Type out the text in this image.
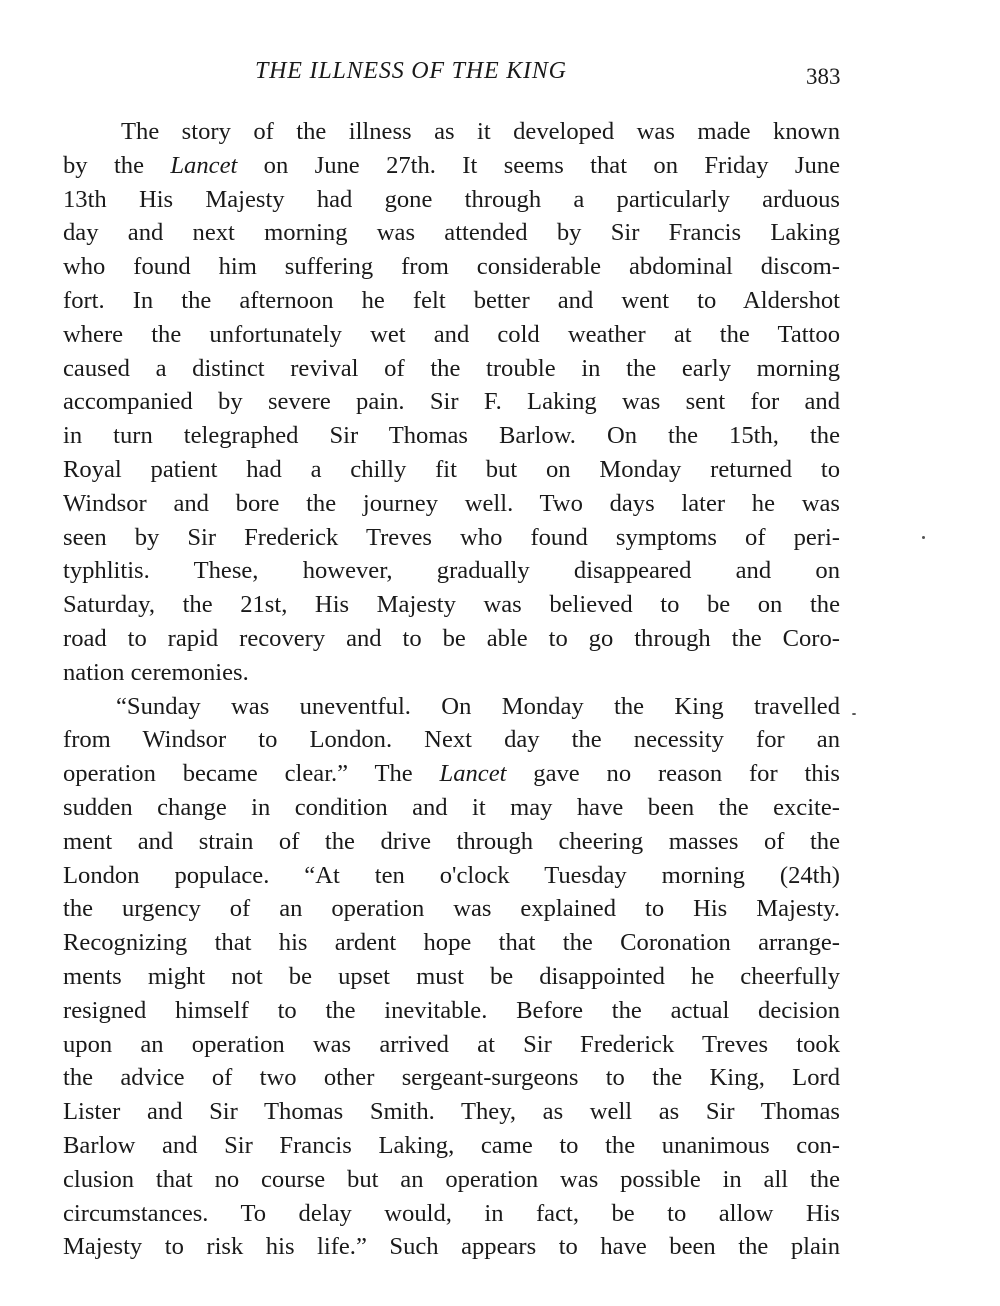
THE ILLNESS OF THE KING	383
The story of the illness as it developed was made known
by the Lancet on June 27th. It seems that on Friday June
13th His Majesty had gone through a particularly arduous
day and next morning was attended by Sir Francis Laking
who found him suffering from considerable abdominal discom-
fort. In the afternoon he felt better and went to Aldershot
where the unfortunately wet and cold weather at the Tattoo
caused a distinct revival of the trouble in the early morning
accompanied by severe pain. Sir F. Laking was sent for and
in turn telegraphed Sir Thomas Barlow. On the 15th, the
Royal patient had a chilly fit but on Monday returned to
Windsor and bore the journey well. Two days later he was
seen by Sir Frederick Treves who found symptoms of peri-
typhlitis. These, however, gradually disappeared and on
Saturday, the 21st, His Majesty was believed to be on the
road to rapid recovery and to be able to go through the Coro-
nation ceremonies.
“Sunday was uneventful. On Monday the King travelled
from Windsor to London. Next day the necessity for an
operation became clear.” The Lancet gave no reason for this
sudden change in condition and it may have been the excite-
ment and strain of the drive through cheering masses of the
London populace. “At ten o'clock Tuesday morning (24th)
the urgency of an operation was explained to His Majesty.
Recognizing that his ardent hope that the Coronation arrange-
ments might not be upset must be disappointed he cheerfully
resigned himself to the inevitable. Before the actual decision
upon an operation was arrived at Sir Frederick Treves took
the advice of two other sergeant-surgeons to the King, Lord
Lister and Sir Thomas Smith. They, as well as Sir Thomas
Barlow and Sir Francis Laking, came to the unanimous con-
clusion that no course but an operation was possible in all the
circumstances. To delay would, in fact, be to allow His
Majesty to risk his life.” Such appears to have been the plain
